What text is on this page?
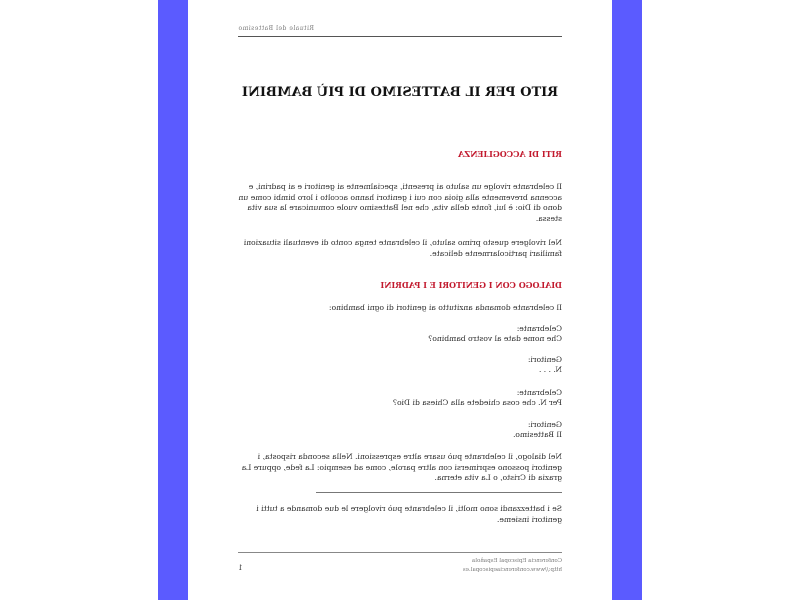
Rituale del Battesimo
RITO PER IL BATTESIMO DI PIÙ BAMBINI
RITI DI ACCOGLIENZA
Il celebrante rivolge un saluto ai presenti, specialmente ai genitori e ai padrini, e accenna brevemente alla gioia con cui i genitori hanno accolto i loro bimbi come un dono di Dio: è lui, fonte della vita, che nel Battesimo vuole comunicare la sua vita stessa.
Nel rivolgere questo primo saluto, il celebrante tenga conto di eventuali situazioni familiari particolarmente delicate.
DIALOGO CON I GENITORI E I PADRINI
Il celebrante domanda anzitutto ai genitori di ogni bambino:
Celebrante:
Che nome date al vostro bambino?
Genitori:
N. . . .
Celebrante:
Per N. che cosa chiedete alla Chiesa di Dio?
Genitori:
Il Battesimo.
Nel dialogo, il celebrante può usare altre espressioni. Nella seconda risposta, i genitori possono esprimersi con altre parole, come ad esempio: La fede, oppure La grazia di Cristo, o La vita eterna.
Se i battezzandi sono molti, il celebrante può rivolgere le due domande a tutti i genitori insieme.
Conferencia Episcopal Española
http://www.conferenciaepiscopal.es
1
